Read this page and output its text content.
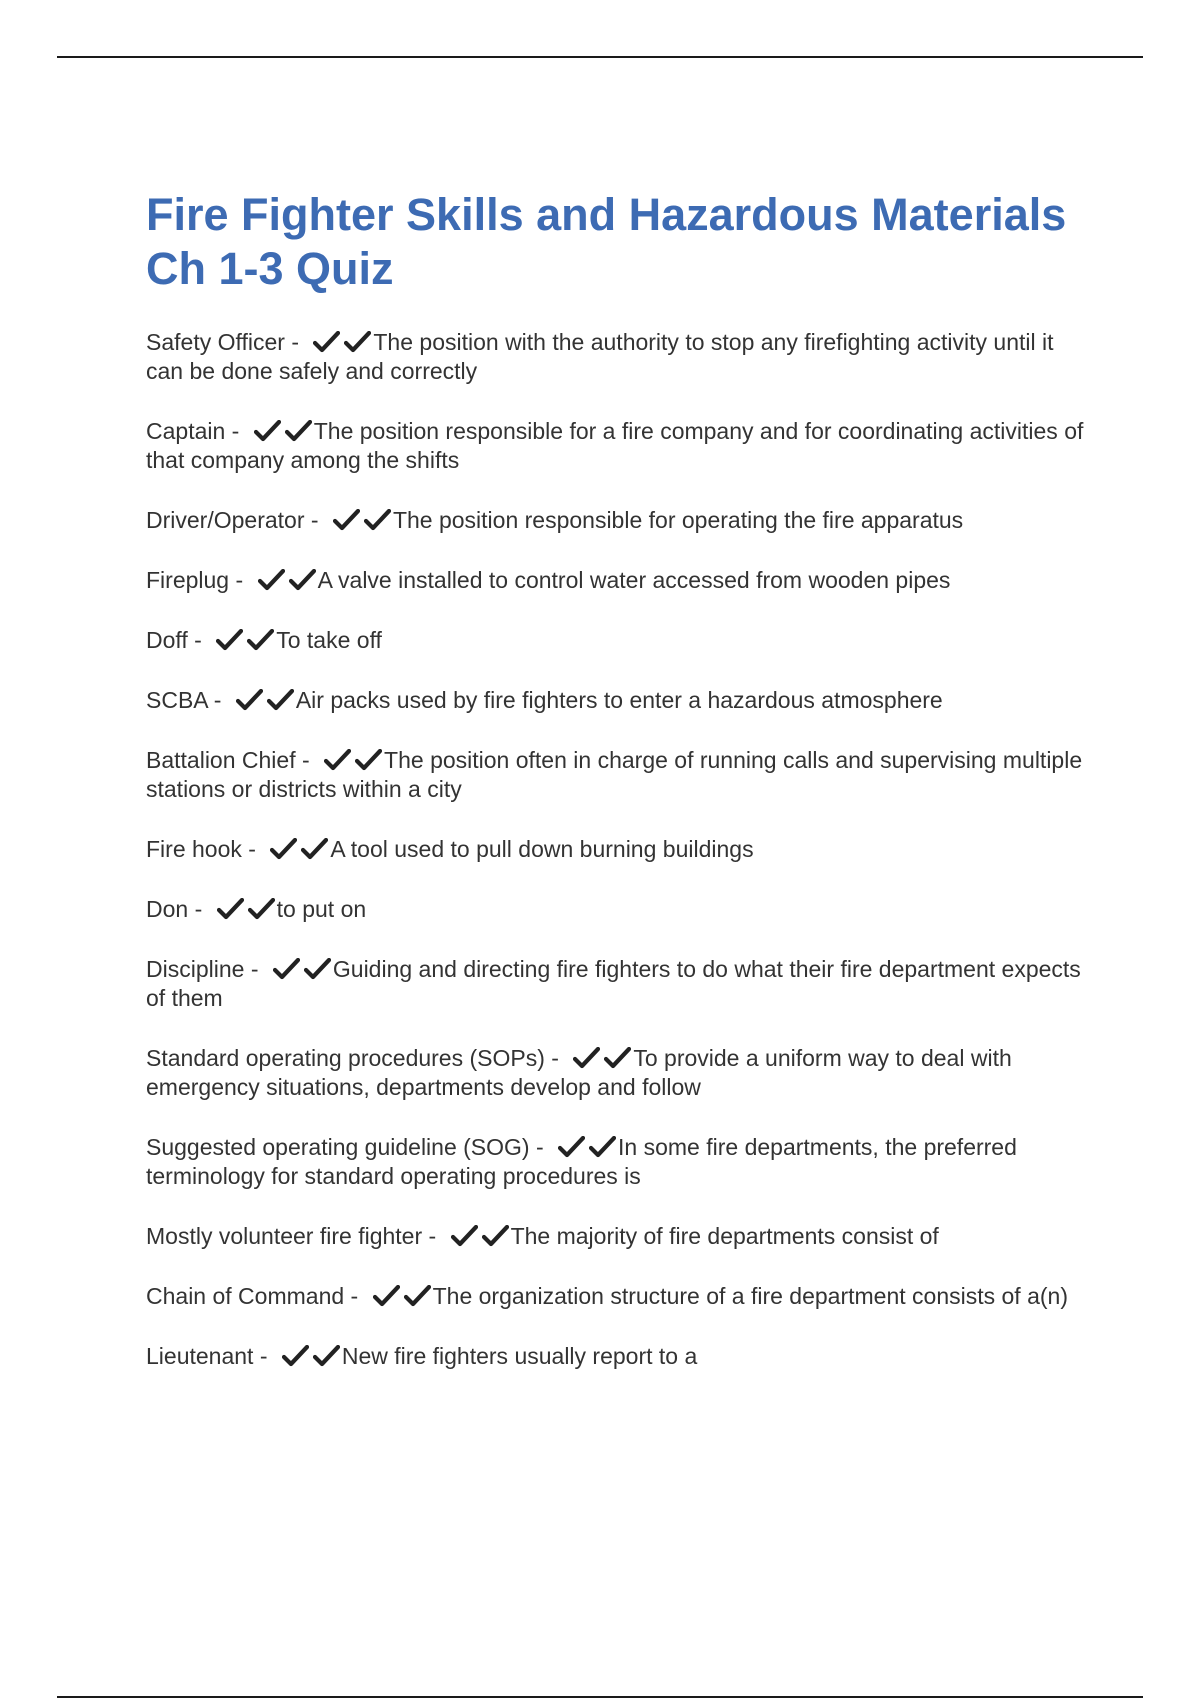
Fire Fighter Skills and Hazardous Materials Ch 1-3 Quiz
Safety Officer -	The position with the authority to stop any firefighting activity until it can be done safely and correctly
Captain -	The position responsible for a fire company and for coordinating activities of that company among the shifts
Driver/Operator -	The position responsible for operating the fire apparatus
Fireplug -	A valve installed to control water accessed from wooden pipes
Doff -	To take off
SCBA -	Air packs used by fire fighters to enter a hazardous atmosphere
Battalion Chief -	The position often in charge of running calls and supervising multiple stations or districts within a city
Fire hook -	A tool used to pull down burning buildings
Don -	to put on
Discipline -	Guiding and directing fire fighters to do what their fire department expects of them
Standard operating procedures (SOPs) -	To provide a uniform way to deal with emergency situations, departments develop and follow
Suggested operating guideline (SOG) -	In some fire departments, the preferred terminology for standard operating procedures is
Mostly volunteer fire fighter -	The majority of fire departments consist of
Chain of Command -	The organization structure of a fire department consists of a(n)
Lieutenant -	New fire fighters usually report to a
